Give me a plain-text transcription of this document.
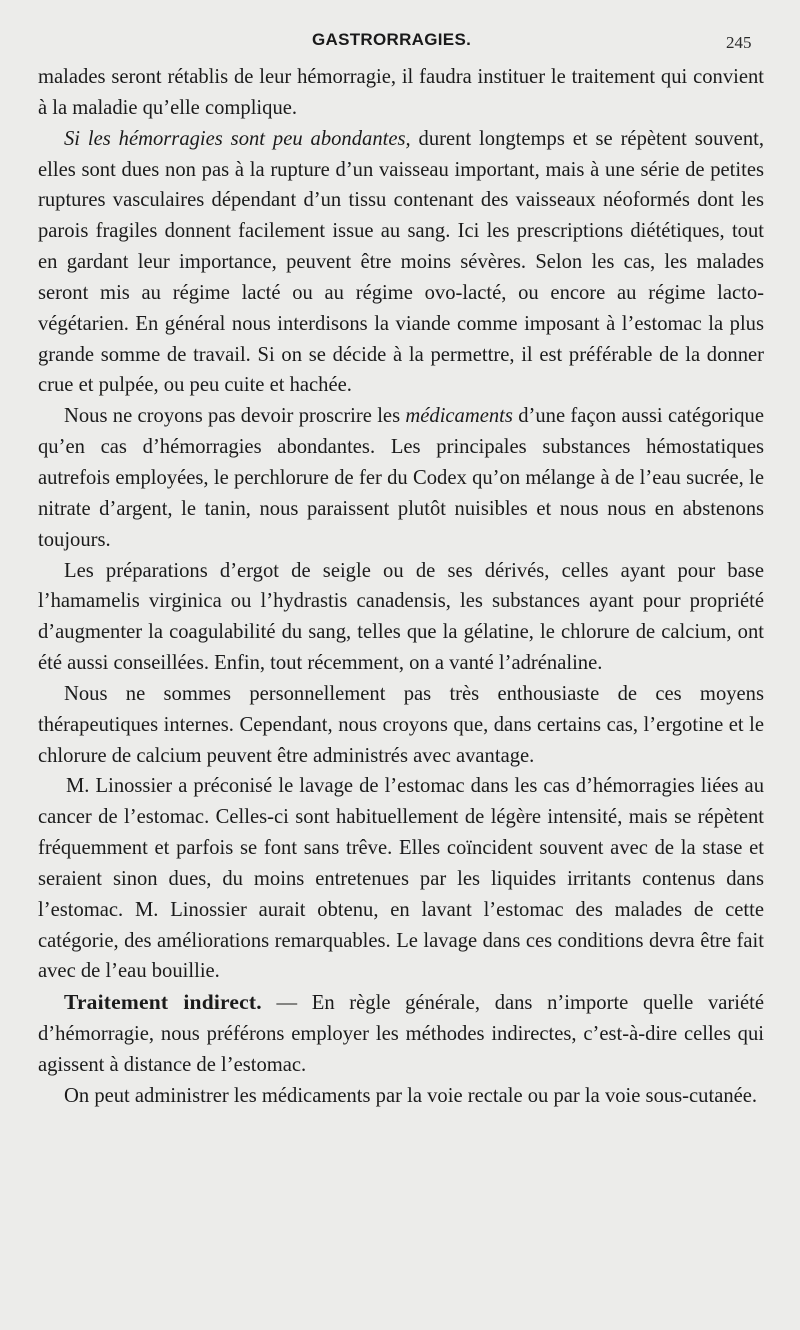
GASTRORRAGIES.	245

malades seront rétablis de leur hémorragie, il faudra instituer le traitement qui convient à la maladie qu’elle complique.

Si les hémorragies sont peu abondantes, durent longtemps et se répètent souvent, elles sont dues non pas à la rupture d’un vaisseau important, mais à une série de petites ruptures vasculaires dépendant d’un tissu contenant des vaisseaux néoformés dont les parois fragiles donnent facilement issue au sang. Ici les prescriptions diététiques, tout en gardant leur importance, peuvent être moins sévères. Selon les cas, les malades seront mis au régime lacté ou au régime ovo-lacté, ou encore au régime lacto-végétarien. En général nous interdisons la viande comme imposant à l’estomac la plus grande somme de travail. Si on se décide à la permettre, il est préférable de la donner crue et pulpée, ou peu cuite et hachée.

Nous ne croyons pas devoir proscrire les médicaments d’une façon aussi catégorique qu’en cas d’hémorragies abondantes. Les principales substances hémostatiques autrefois employées, le perchlorure de fer du Codex qu’on mélange à de l’eau sucrée, le nitrate d’argent, le tanin, nous paraissent plutôt nuisibles et nous nous en abstenons toujours.

Les préparations d’ergot de seigle ou de ses dérivés, celles ayant pour base l’hamamelis virginica ou l’hydrastis canadensis, les substances ayant pour propriété d’augmenter la coagulabilité du sang, telles que la gélatine, le chlorure de calcium, ont été aussi conseillées. Enfin, tout récemment, on a vanté l’adrénaline.

Nous ne sommes personnellement pas très enthousiaste de ces moyens thérapeutiques internes. Cependant, nous croyons que, dans certains cas, l’ergotine et le chlorure de calcium peuvent être administrés avec avantage.

M. Linossier a préconisé le lavage de l’estomac dans les cas d’hémorragies liées au cancer de l’estomac. Celles-ci sont habituellement de légère intensité, mais se répètent fréquemment et parfois se font sans trêve. Elles coïncident souvent avec de la stase et seraient sinon dues, du moins entretenues par les liquides irritants contenus dans l’estomac. M. Linossier aurait obtenu, en lavant l’estomac des malades de cette catégorie, des améliorations remarquables. Le lavage dans ces conditions devra être fait avec de l’eau bouillie.

Traitement indirect. — En règle générale, dans n’importe quelle variété d’hémorragie, nous préférons employer les méthodes indirectes, c’est-à-dire celles qui agissent à distance de l’estomac.

On peut administrer les médicaments par la voie rectale ou par la voie sous-cutanée.
